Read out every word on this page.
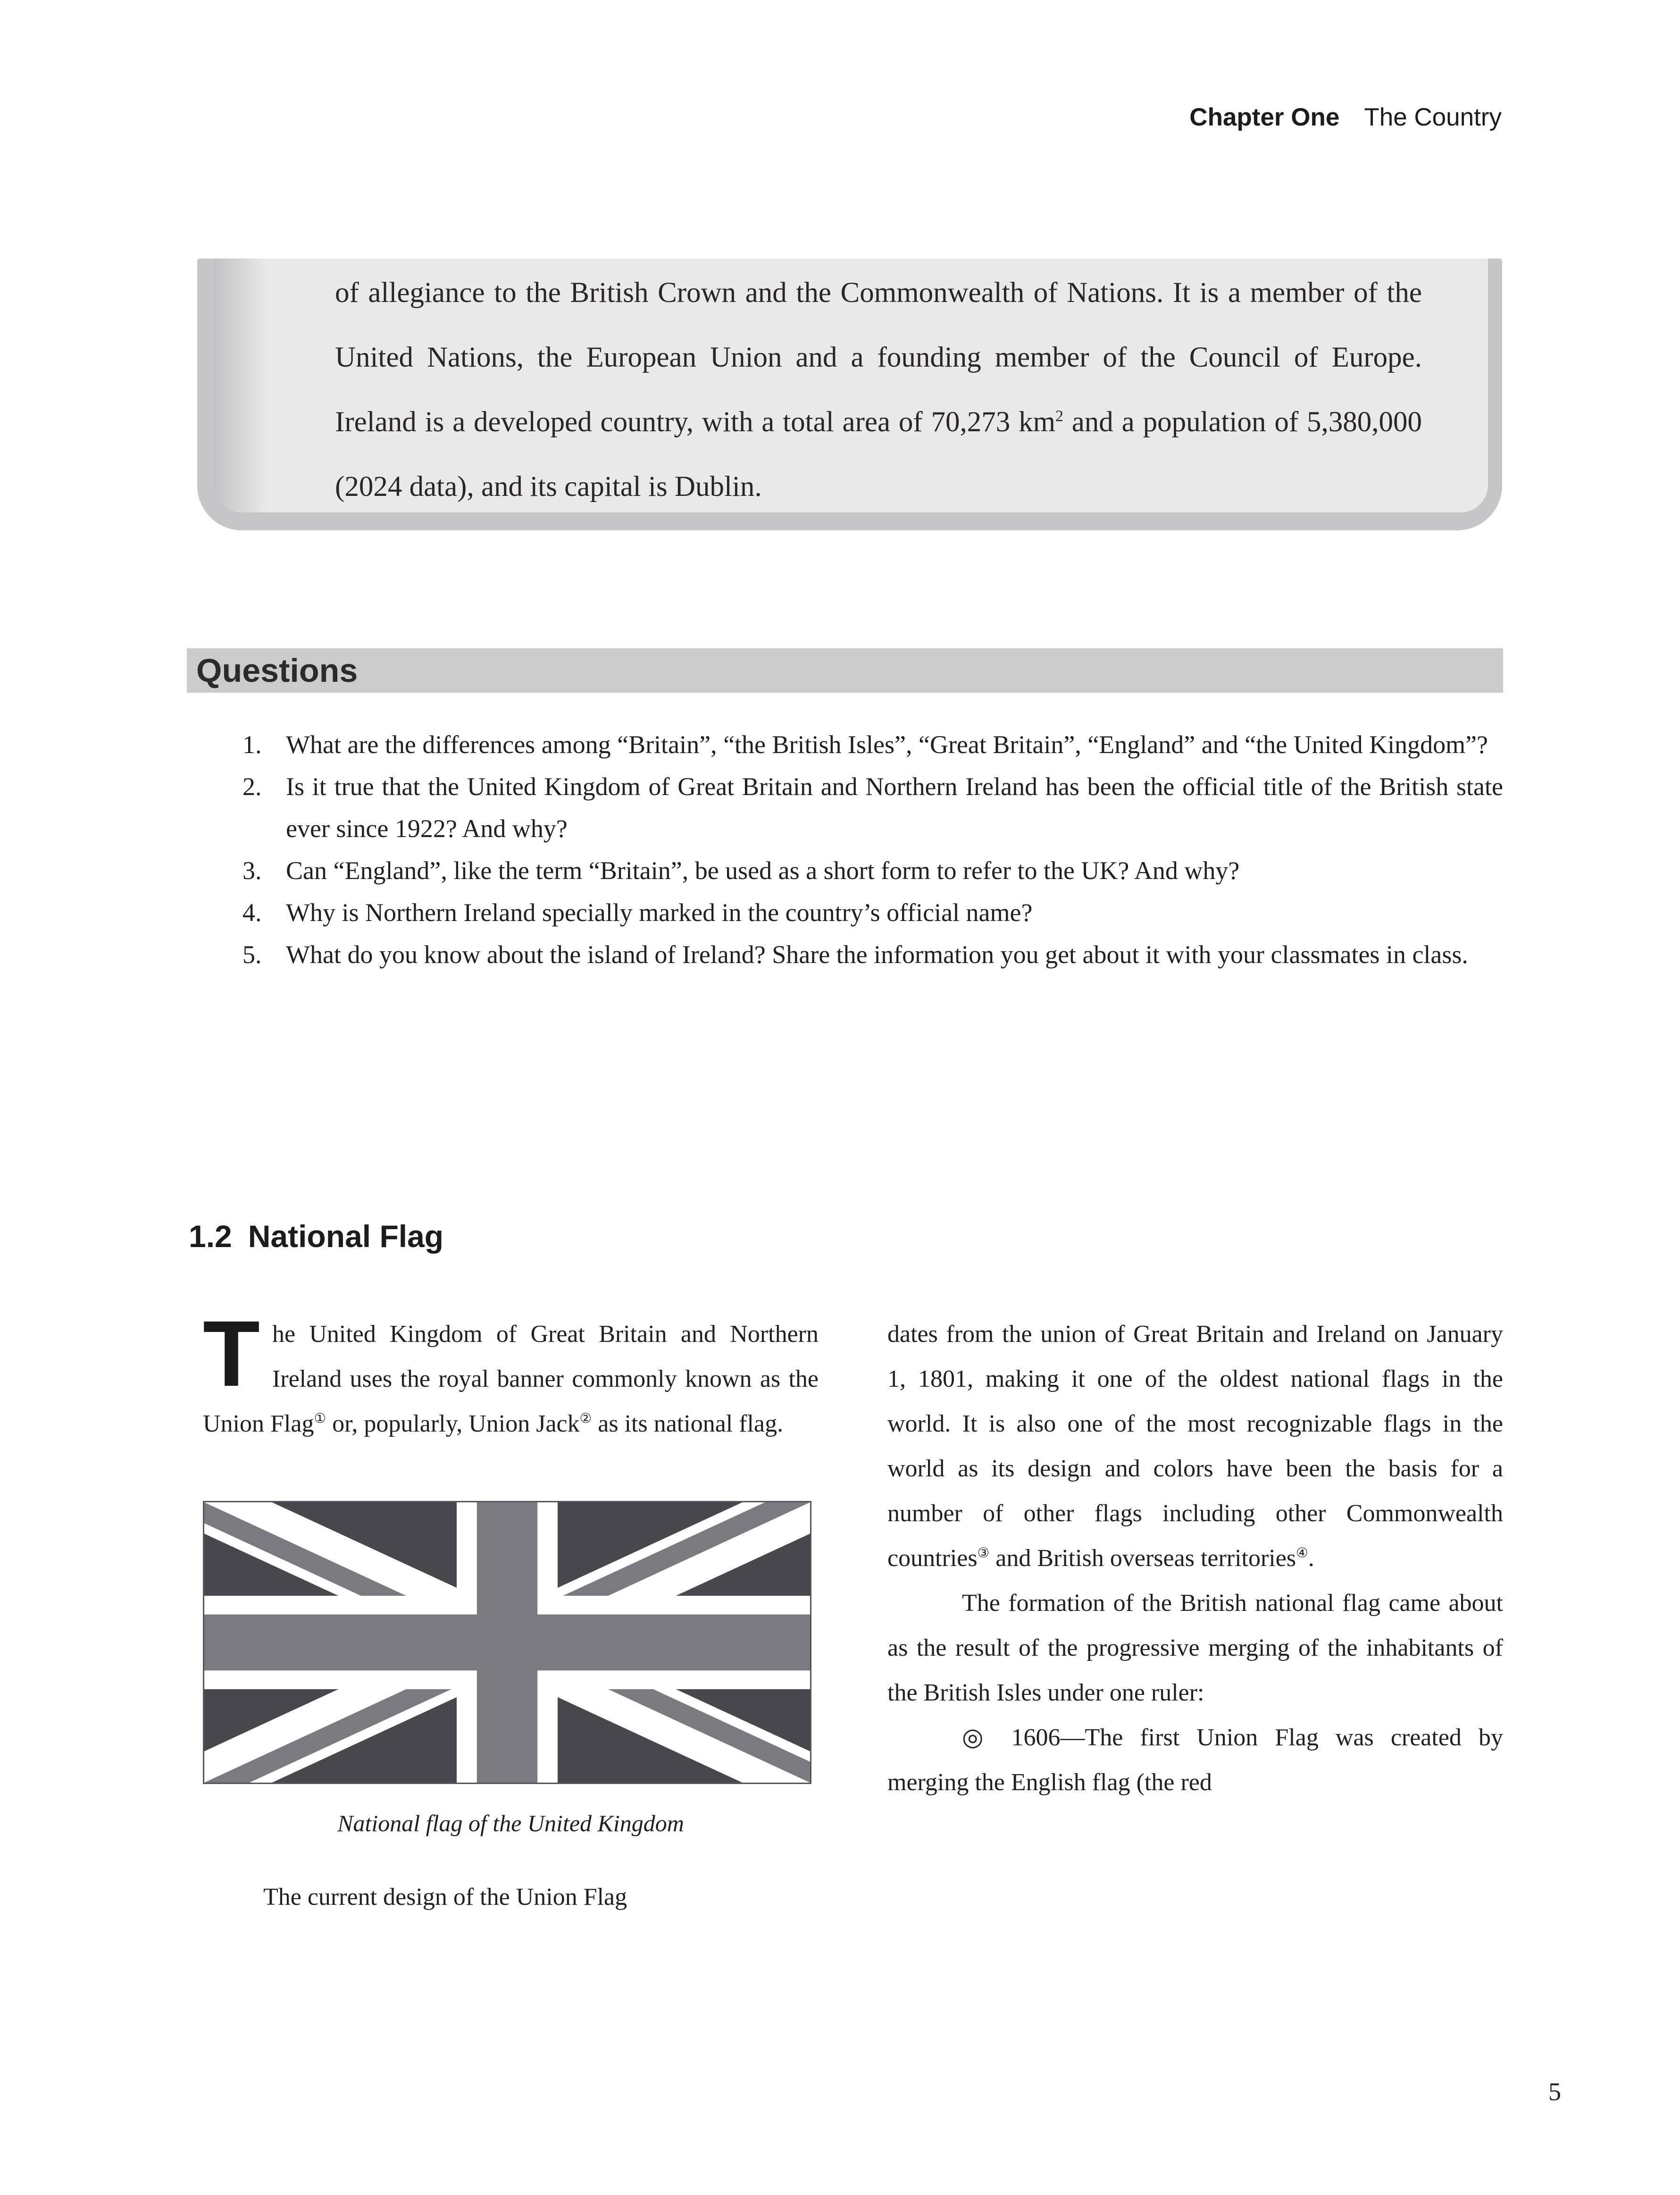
Chapter One The Country
of allegiance to the British Crown and the Commonwealth of Nations. It is a member of the United Nations, the European Union and a founding member of the Council of Europe. Ireland is a developed country, with a total area of 70,273 $km^2$ and a population of 5,380,000 (2024 data), and its capital is Dublin.
Questions
1. What are the differences among “Britain”, “the British Isles”, “Great Britain”, “England” and “the United Kingdom”?
2. Is it true that the United Kingdom of Great Britain and Northern Ireland has been the official title of the British state ever since 1922? And why?
3. Can “England”, like the term “Britain”, be used as a short form to refer to the UK? And why?
4. Why is Northern Ireland specially marked in the country’s official name?
5. What do you know about the island of Ireland? Share the information you get about it with your classmates in class.
1.2 National Flag

The United Kingdom of Great Britain and Northern Ireland uses the royal banner commonly known as the Union Flag① or, popularly, Union Jack② as its national flag.

National flag of the United Kingdom

The current design of the Union Flag

dates from the union of Great Britain and Ireland on January 1, 1801, making it one of the oldest national flags in the world. It is also one of the most recognizable flags in the world as its design and colors have been the basis for a number of other flags including other Commonwealth countries③ and British overseas territories④.

The formation of the British national flag came about as the result of the progressive merging of the inhabitants of the British Isles under one ruler:

◎ 1606—The first Union Flag was created by merging the English flag (the red

5
